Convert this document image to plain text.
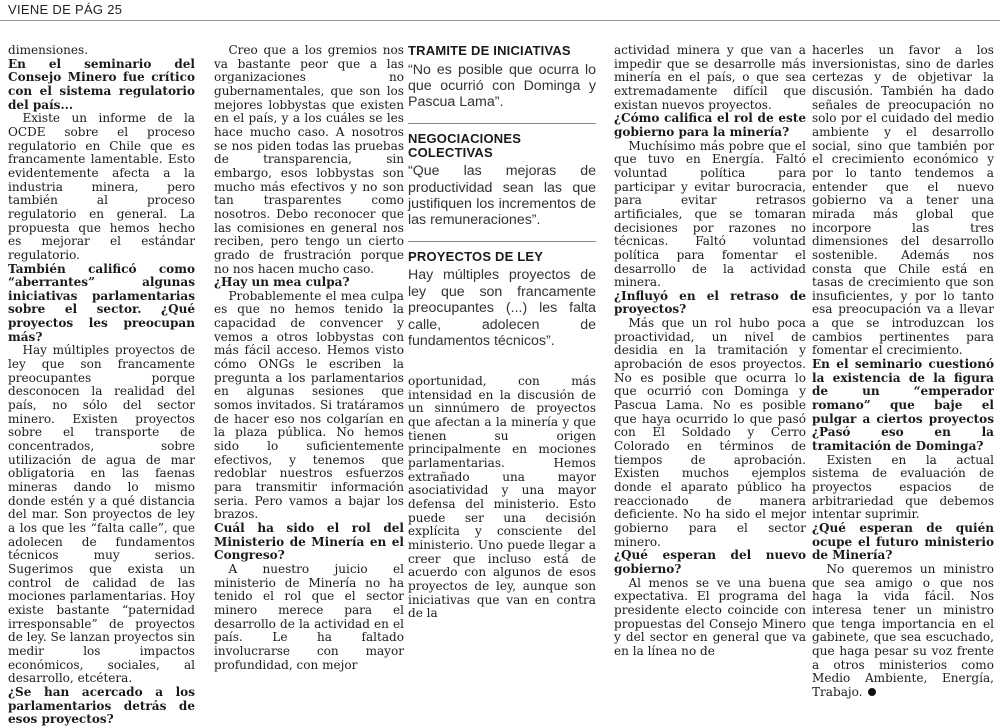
VIENE DE PÁG 25

dimensiones.

En el seminario del Consejo Minero fue crítico con el sistema regulatorio del país...

Existe un informe de la OCDE sobre el proceso regulatorio en Chile que es francamente lamentable. Esto evidentemente afecta a la industria minera, pero también al proceso regulatorio en general. La propuesta que hemos hecho es mejorar el estándar regulatorio.

También calificó como “aberrantes” algunas iniciativas parlamentarias sobre el sector. ¿Qué proyectos les preocupan más?

Hay múltiples proyectos de ley que son francamente preocupantes porque desconocen la realidad del país, no sólo del sector minero. Existen proyectos sobre el transporte de concentrados, sobre utilización de agua de mar obligatoria en las faenas mineras dando lo mismo donde estén y a qué distancia del mar. Son proyectos de ley a los que les “falta calle”, que adolecen de fundamentos técnicos muy serios. Sugerimos que exista un control de calidad de las mociones parlamentarias. Hoy existe bastante “paternidad irresponsable” de proyectos de ley. Se lanzan proyectos sin medir los impactos económicos, sociales, al desarrollo, etcétera.

¿Se han acercado a los parlamentarios detrás de esos proyectos?

Creo que a los gremios nos va bastante peor que a las organizaciones no gubernamentales, que son los mejores lobbystas que existen en el país, y a los cuáles se les hace mucho caso. A nosotros se nos piden todas las pruebas de transparencia, sin embargo, esos lobbystas son mucho más efectivos y no son tan trasparentes como nosotros. Debo reconocer que las comisiones en general nos reciben, pero tengo un cierto grado de frustración porque no nos hacen mucho caso.

¿Hay un mea culpa?

Probablemente el mea culpa es que no hemos tenido la capacidad de convencer y vemos a otros lobbystas con más fácil acceso. Hemos visto cómo ONGs le escriben la pregunta a los parlamentarios en algunas sesiones que somos invitados. Si tratáramos de hacer eso nos colgarían en la plaza pública. No hemos sido lo suficientemente efectivos, y tenemos que redoblar nuestros esfuerzos para transmitir información seria. Pero vamos a bajar los brazos.

Cuál ha sido el rol del Ministerio de Minería en el Congreso?

A nuestro juicio el ministerio de Minería no ha tenido el rol que el sector minero merece para el desarrollo de la actividad en el país. Le ha faltado involucrarse con mayor profundidad, con mejor

TRAMITE DE INICIATIVAS

“No es posible que ocurra lo que ocurrió con Dominga y Pascua Lama”.

NEGOCIACIONES COLECTIVAS

“Que las mejoras de productividad sean las que justifiquen los incrementos de las remuneraciones”.

PROYECTOS DE LEY

Hay múltiples proyectos de ley que son francamente preocupantes (...) les falta calle, adolecen de fundamentos técnicos”.

oportunidad, con más intensidad en la discusión de un sinnúmero de proyectos que afectan a la minería y que tienen su origen principalmente en mociones parlamentarias. Hemos extrañado una mayor asociatividad y una mayor defensa del ministerio. Esto puede ser una decisión explícita y consciente del ministerio. Uno puede llegar a creer que incluso está de acuerdo con algunos de esos proyectos de ley, aunque son iniciativas que van en contra de la

actividad minera y que van a impedir que se desarrolle más minería en el país, o que sea extremadamente difícil que existan nuevos proyectos.

¿Cómo califica el rol de este gobierno para la minería?

Muchísimo más pobre que el que tuvo en Energía. Faltó voluntad política para participar y evitar burocracia, para evitar retrasos artificiales, que se tomaran decisiones por razones no técnicas. Faltó voluntad política para fomentar el desarrollo de la actividad minera.

¿Influyó en el retraso de proyectos?

Más que un rol hubo poca proactividad, un nivel de desidia en la tramitación y aprobación de esos proyectos. No es posible que ocurra lo que ocurrió con Dominga y Pascua Lama. No es posible que haya ocurrido lo que pasó con El Soldado y Cerro Colorado en términos de tiempos de aprobación. Existen muchos ejemplos donde el aparato público ha reaccionado de manera deficiente. No ha sido el mejor gobierno para el sector minero.

¿Qué esperan del nuevo gobierno?

Al menos se ve una buena expectativa. El programa del presidente electo coincide con propuestas del Consejo Minero y del sector en general que va en la línea no de

hacerles un favor a los inversionistas, sino de darles certezas y de objetivar la discusión. También ha dado señales de preocupación no solo por el cuidado del medio ambiente y el desarrollo social, sino que también por el crecimiento económico y por lo tanto tendemos a entender que el nuevo gobierno va a tener una mirada más global que incorpore las tres dimensiones del desarrollo sostenible. Además nos consta que Chile está en tasas de crecimiento que son insuficientes, y por lo tanto esa preocupación va a llevar a que se introduzcan los cambios pertinentes para fomentar el crecimiento.

En el seminario cuestionó la existencia de la figura de un “emperador romano” que baje el pulgar a ciertos proyectos ¿Pasó eso en la tramitación de Dominga?

Existen en la actual sistema de evaluación de proyectos espacios de arbitrariedad que debemos intentar suprimir.

¿Qué esperan de quién ocupe el futuro ministerio de Minería?

No queremos un ministro que sea amigo o que nos haga la vida fácil. Nos interesa tener un ministro que tenga importancia en el gabinete, que sea escuchado, que haga pesar su voz frente a otros ministerios como Medio Ambiente, Energía, Trabajo.
